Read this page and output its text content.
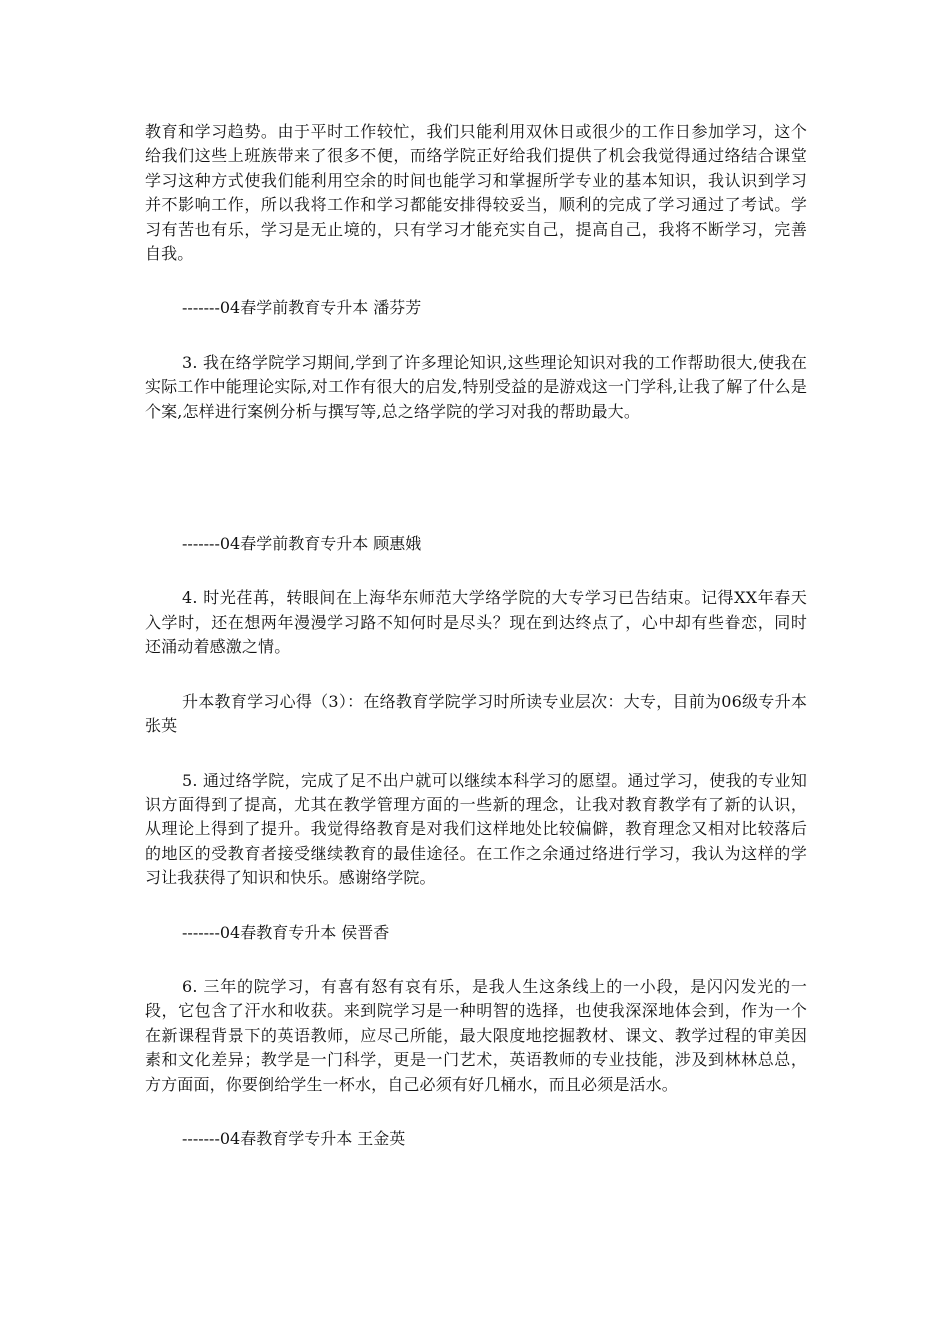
教育和学习趋势。由于平时工作较忙，我们只能利用双休日或很少的工作日参加学习，这个给我们这些上班族带来了很多不便，而络学院正好给我们提供了机会我觉得通过络结合课堂学习这种方式使我们能利用空余的时间也能学习和掌握所学专业的基本知识，我认识到学习并不影响工作，所以我将工作和学习都能安排得较妥当，顺利的完成了学习通过了考试。学习有苦也有乐，学习是无止境的，只有学习才能充实自己，提高自己，我将不断学习，完善自我。

-------04春学前教育专升本 潘芬芳

3. 我在络学院学习期间,学到了许多理论知识,这些理论知识对我的工作帮助很大,使我在实际工作中能理论实际,对工作有很大的启发,特别受益的是游戏这一门学科,让我了解了什么是个案,怎样进行案例分析与撰写等,总之络学院的学习对我的帮助最大。

-------04春学前教育专升本 顾惠娥

4. 时光荏苒，转眼间在上海华东师范大学络学院的大专学习已告结束。记得XX年春天入学时，还在想两年漫漫学习路不知何时是尽头？现在到达终点了，心中却有些眷恋，同时还涌动着感激之情。

升本教育学习心得（3）：在络教育学院学习时所读专业层次：大专，目前为06级专升本 张英

5. 通过络学院，完成了足不出户就可以继续本科学习的愿望。通过学习，使我的专业知识方面得到了提高，尤其在教学管理方面的一些新的理念，让我对教育教学有了新的认识，从理论上得到了提升。我觉得络教育是对我们这样地处比较偏僻，教育理念又相对比较落后的地区的受教育者接受继续教育的最佳途径。在工作之余通过络进行学习，我认为这样的学习让我获得了知识和快乐。感谢络学院。

-------04春教育专升本 侯晋香

6. 三年的院学习，有喜有怒有哀有乐，是我人生这条线上的一小段，是闪闪发光的一段，它包含了汗水和收获。来到院学习是一种明智的选择，也使我深深地体会到，作为一个在新课程背景下的英语教师，应尽己所能，最大限度地挖掘教材、课文、教学过程的审美因素和文化差异；教学是一门科学，更是一门艺术，英语教师的专业技能，涉及到林林总总，方方面面，你要倒给学生一杯水，自己必须有好几桶水，而且必须是活水。

-------04春教育学专升本 王金英
